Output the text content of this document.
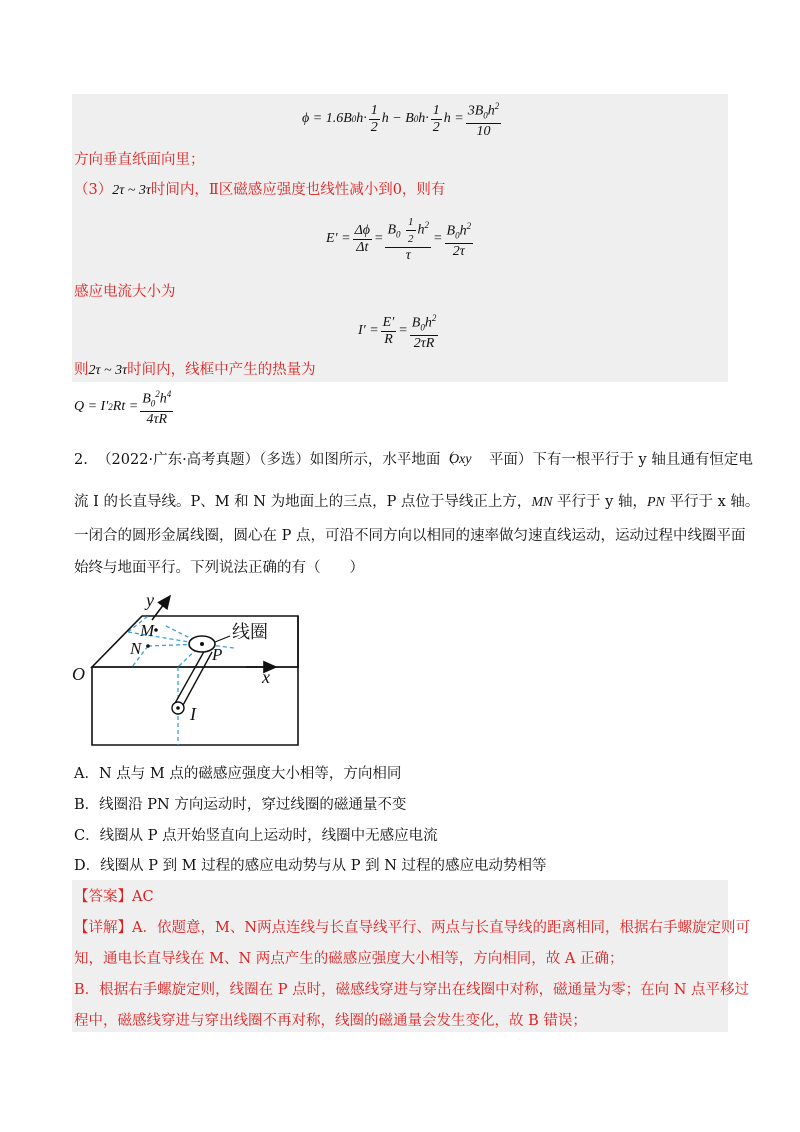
ϕ = 1.6B 0 $h\cdot \frac{1}{2}$ h − B 0 $h\cdot \frac{1}{2}$ $h = \frac{3B_0h^2}{10}$
方向垂直纸面向里；
（3）2τ ~ 3τ时间内，Ⅱ区磁感应强度也线性减小到0，则有
$E' = \frac{\Delta\phi}{\Delta t} = \frac{B_0 \frac{1}{2} h^2}{\tau} = \frac{B_0h^2}{2\tau}$
感应电流大小为
$I' = \frac{E'}{R} = \frac{B_0h^2}{2\tau R}$
则2τ ~ 3τ时间内，线框中产生的热量为
Q = I′ 2 $Rt = \frac{B_0^2h^4}{4\tau R}$
2. （2022·广东·高考真题）（多选）如图所示，水平地面（
Oxy 平面）下有一根平行于 y 轴且通有恒定电
流 I 的长直导线。P、M 和 N 为地面上的三点，P 点位于导线正上方，MN 平行于 y 轴，PN 平行于 x 轴。
一闭合的圆形金属线圈，圆心在 P 点，可沿不同方向以相同的速率做匀速直线运动，运动过程中线圈平面
始终与地面平行。下列说法正确的有（　　）
y
x
O
M
N	P
I
线圈
A．N 点与 M 点的磁感应强度大小相等，方向相同
B．线圈沿 PN 方向运动时，穿过线圈的磁通量不变
C．线圈从 P 点开始竖直向上运动时，线圈中无感应电流
D．线圈从 P 到 M 过程的感应电动势与从 P 到 N 过程的感应电动势相等
【答案】AC
【详解】A．依题意，M、N两点连线与长直导线平行、两点与长直导线的距离相同，根据右手螺旋定则可
知，通电长直导线在 M、N 两点产生的磁感应强度大小相等，方向相同，故 A 正确；
B．根据右手螺旋定则，线圈在 P 点时，磁感线穿进与穿出在线圈中对称，磁通量为零；在向 N 点平移过
程中，磁感线穿进与穿出线圈不再对称，线圈的磁通量会发生变化，故 B 错误；
